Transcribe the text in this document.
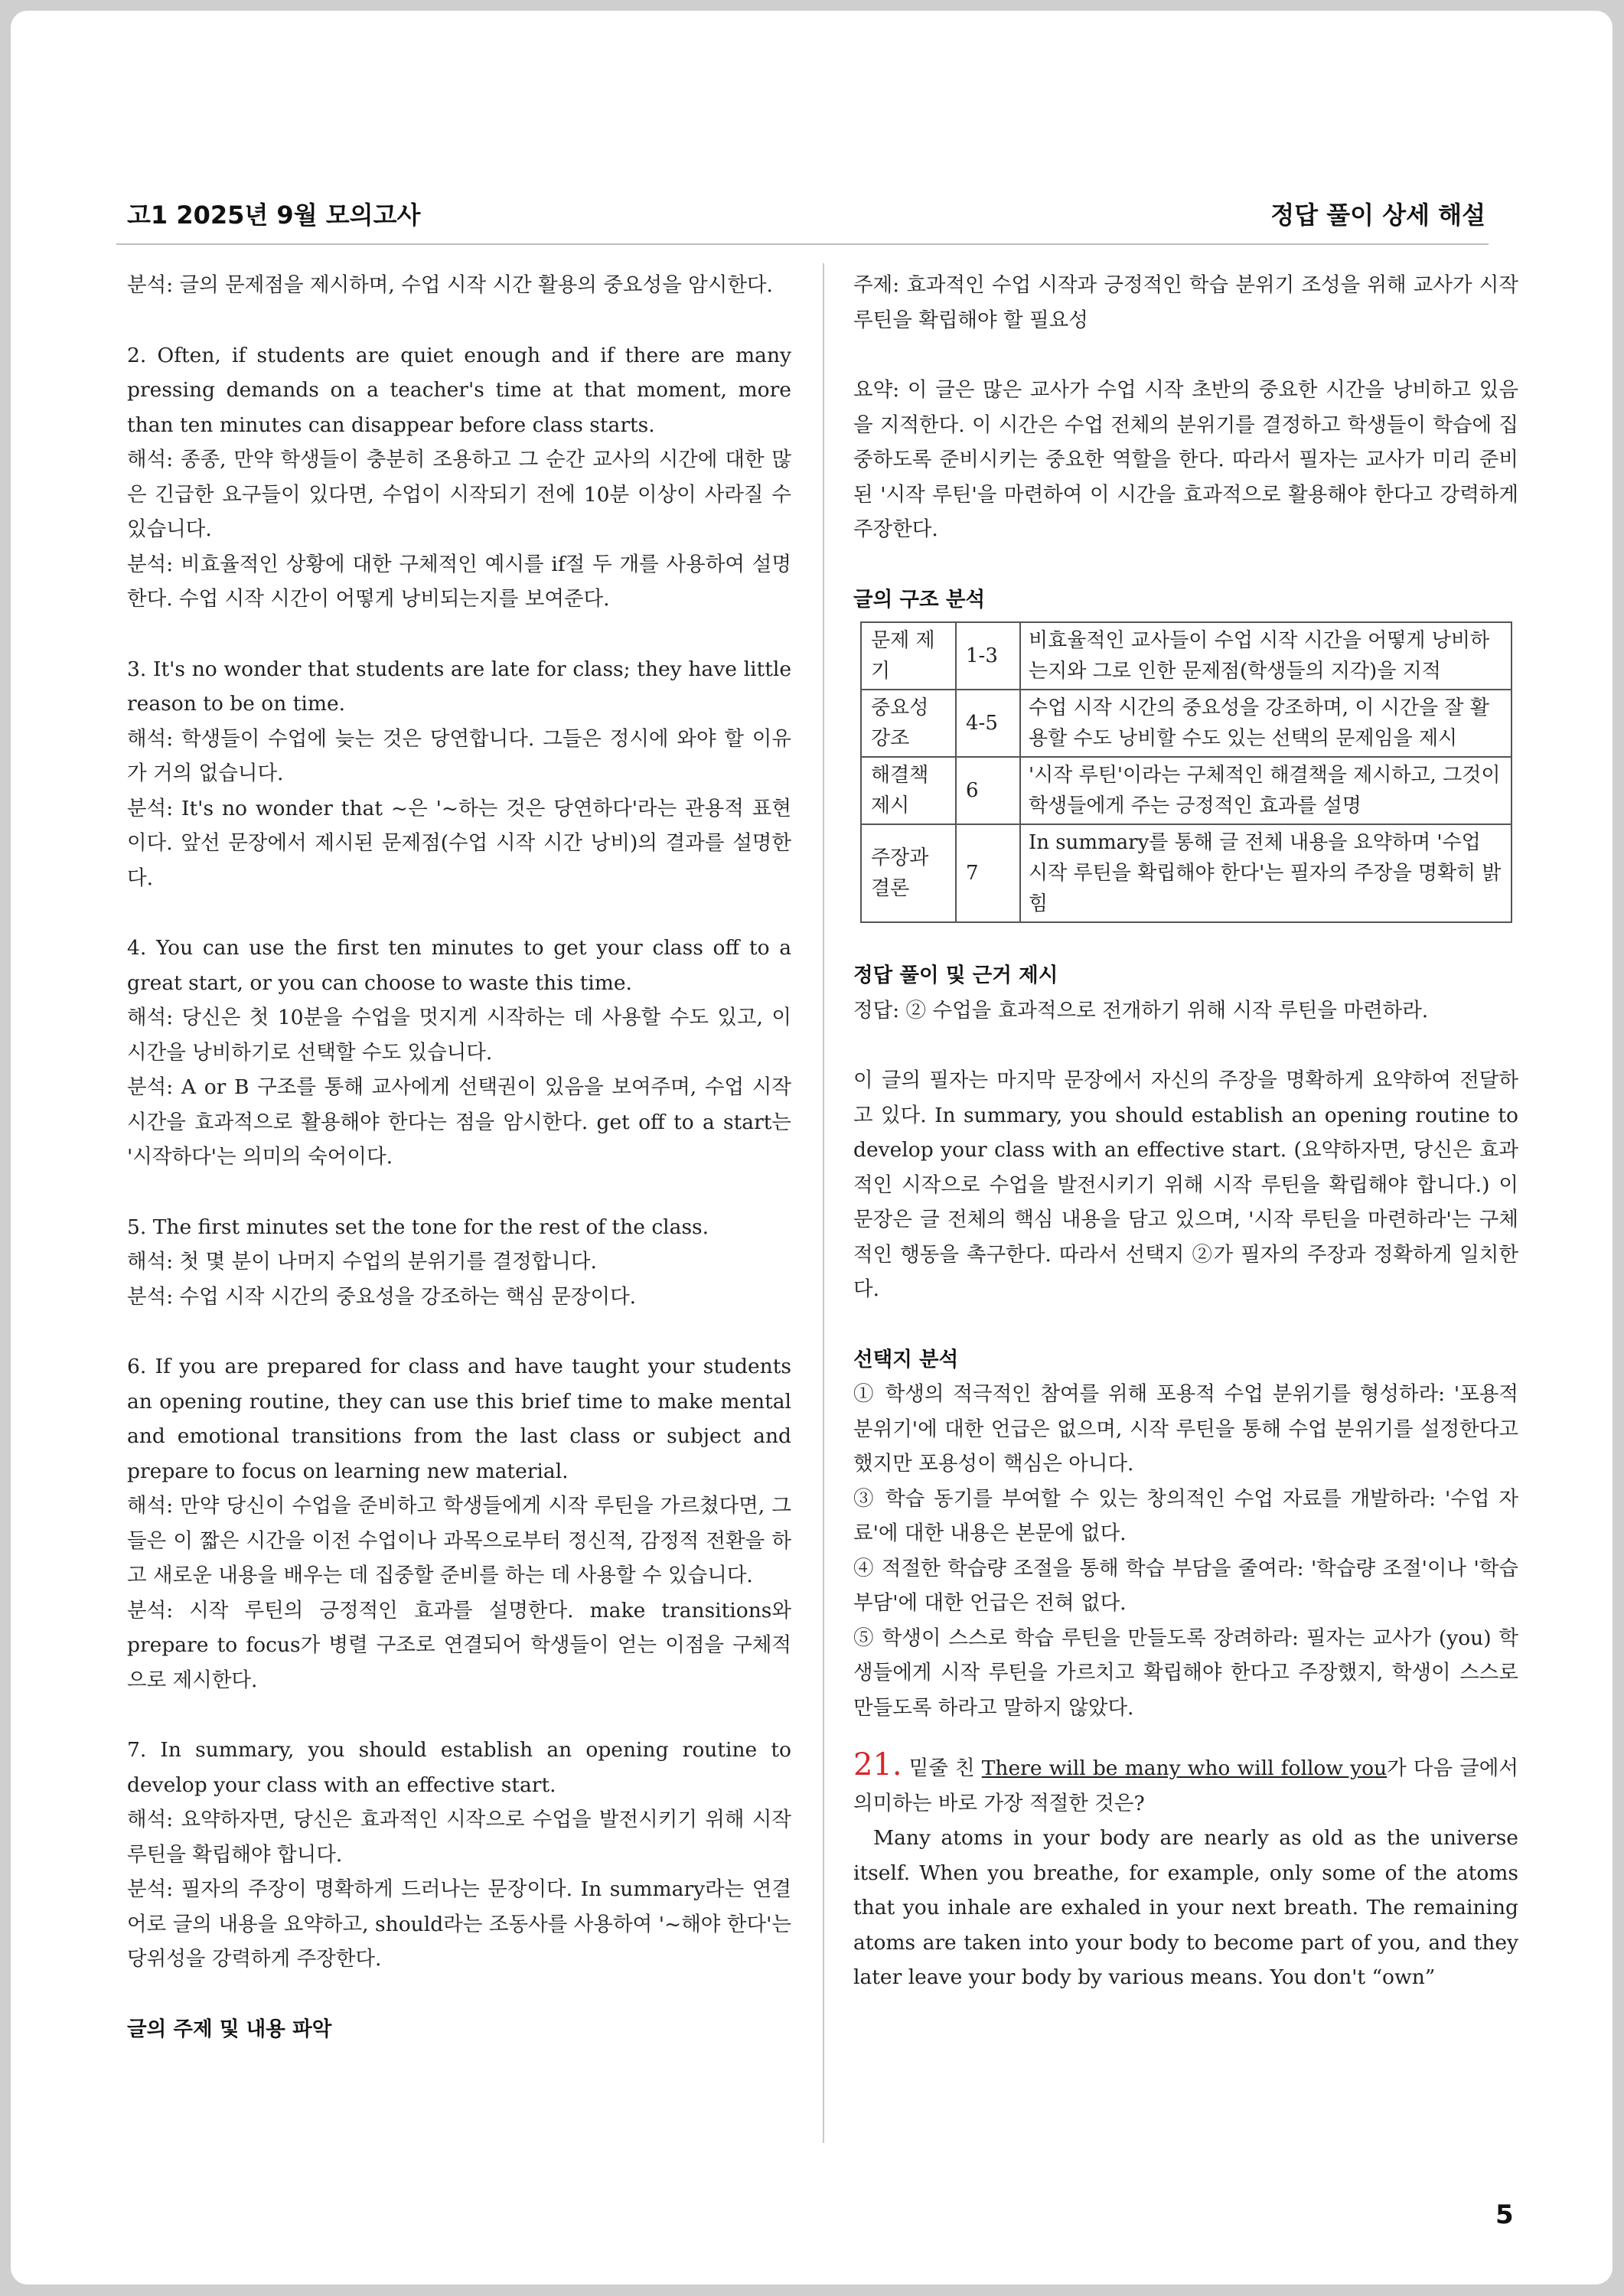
고1 2025년 9월 모의고사	정답 풀이 상세 해설

분석: 글의 문제점을 제시하며, 수업 시작 시간 활용의 중요성을 암시한다.

2. Often, if students are quiet enough and if there are many pressing demands on a teacher's time at that moment, more than ten minutes can disappear before class starts.

해석: 종종, 만약 학생들이 충분히 조용하고 그 순간 교사의 시간에 대한 많은 긴급한 요구들이 있다면, 수업이 시작되기 전에 10분 이상이 사라질 수 있습니다.

분석: 비효율적인 상황에 대한 구체적인 예시를 if절 두 개를 사용하여 설명한다. 수업 시작 시간이 어떻게 낭비되는지를 보여준다.

3. It's no wonder that students are late for class; they have little reason to be on time.

해석: 학생들이 수업에 늦는 것은 당연합니다. 그들은 정시에 와야 할 이유가 거의 없습니다.

분석: It's no wonder that ~은 '~하는 것은 당연하다'라는 관용적 표현이다. 앞선 문장에서 제시된 문제점(수업 시작 시간 낭비)의 결과를 설명한다.

4. You can use the first ten minutes to get your class off to a great start, or you can choose to waste this time.

해석: 당신은 첫 10분을 수업을 멋지게 시작하는 데 사용할 수도 있고, 이 시간을 낭비하기로 선택할 수도 있습니다.

분석: A or B 구조를 통해 교사에게 선택권이 있음을 보여주며, 수업 시작 시간을 효과적으로 활용해야 한다는 점을 암시한다. get off to a start는 '시작하다'는 의미의 숙어이다.

5. The first minutes set the tone for the rest of the class.

해석: 첫 몇 분이 나머지 수업의 분위기를 결정합니다.

분석: 수업 시작 시간의 중요성을 강조하는 핵심 문장이다.

6. If you are prepared for class and have taught your students an opening routine, they can use this brief time to make mental and emotional transitions from the last class or subject and prepare to focus on learning new material.

해석: 만약 당신이 수업을 준비하고 학생들에게 시작 루틴을 가르쳤다면, 그들은 이 짧은 시간을 이전 수업이나 과목으로부터 정신적, 감정적 전환을 하고 새로운 내용을 배우는 데 집중할 준비를 하는 데 사용할 수 있습니다.

분석: 시작 루틴의 긍정적인 효과를 설명한다. make transitions와 prepare to focus가 병렬 구조로 연결되어 학생들이 얻는 이점을 구체적으로 제시한다.

7. In summary, you should establish an opening routine to develop your class with an effective start.

해석: 요약하자면, 당신은 효과적인 시작으로 수업을 발전시키기 위해 시작 루틴을 확립해야 합니다.

분석: 필자의 주장이 명확하게 드러나는 문장이다. In summary라는 연결어로 글의 내용을 요약하고, should라는 조동사를 사용하여 '~해야 한다'는 당위성을 강력하게 주장한다.

글의 주제 및 내용 파악

주제: 효과적인 수업 시작과 긍정적인 학습 분위기 조성을 위해 교사가 시작 루틴을 확립해야 할 필요성

요약: 이 글은 많은 교사가 수업 시작 초반의 중요한 시간을 낭비하고 있음을 지적한다. 이 시간은 수업 전체의 분위기를 결정하고 학생들이 학습에 집중하도록 준비시키는 중요한 역할을 한다. 따라서 필자는 교사가 미리 준비된 '시작 루틴'을 마련하여 이 시간을 효과적으로 활용해야 한다고 강력하게 주장한다.

글의 구조 분석

문제 제기	1-3	비효율적인 교사들이 수업 시작 시간을 어떻게 낭비하는지와 그로 인한 문제점(학생들의 지각)을 지적
중요성 강조	4-5	수업 시작 시간의 중요성을 강조하며, 이 시간을 잘 활용할 수도 낭비할 수도 있는 선택의 문제임을 제시
해결책 제시	6	'시작 루틴'이라는 구체적인 해결책을 제시하고, 그것이 학생들에게 주는 긍정적인 효과를 설명
주장과 결론	7	In summary를 통해 글 전체 내용을 요약하며 '수업 시작 루틴을 확립해야 한다'는 필자의 주장을 명확히 밝힘

정답 풀이 및 근거 제시

정답: ② 수업을 효과적으로 전개하기 위해 시작 루틴을 마련하라.

이 글의 필자는 마지막 문장에서 자신의 주장을 명확하게 요약하여 전달하고 있다. In summary, you should establish an opening routine to develop your class with an effective start. (요약하자면, 당신은 효과적인 시작으로 수업을 발전시키기 위해 시작 루틴을 확립해야 합니다.) 이 문장은 글 전체의 핵심 내용을 담고 있으며, '시작 루틴을 마련하라'는 구체적인 행동을 촉구한다. 따라서 선택지 ②가 필자의 주장과 정확하게 일치한다.

선택지 분석

① 학생의 적극적인 참여를 위해 포용적 수업 분위기를 형성하라: '포용적 분위기'에 대한 언급은 없으며, 시작 루틴을 통해 수업 분위기를 설정한다고 했지만 포용성이 핵심은 아니다.

③ 학습 동기를 부여할 수 있는 창의적인 수업 자료를 개발하라: '수업 자료'에 대한 내용은 본문에 없다.

④ 적절한 학습량 조절을 통해 학습 부담을 줄여라: '학습량 조절'이나 '학습 부담'에 대한 언급은 전혀 없다.

⑤ 학생이 스스로 학습 루틴을 만들도록 장려하라: 필자는 교사가 (you) 학생들에게 시작 루틴을 가르치고 확립해야 한다고 주장했지, 학생이 스스로 만들도록 하라고 말하지 않았다.

21. 밑줄 친 There will be many who will follow you가 다음 글에서 의미하는 바로 가장 적절한 것은?

Many atoms in your body are nearly as old as the universe itself. When you breathe, for example, only some of the atoms that you inhale are exhaled in your next breath. The remaining atoms are taken into your body to become part of you, and they later leave your body by various means. You don't “own”

5
